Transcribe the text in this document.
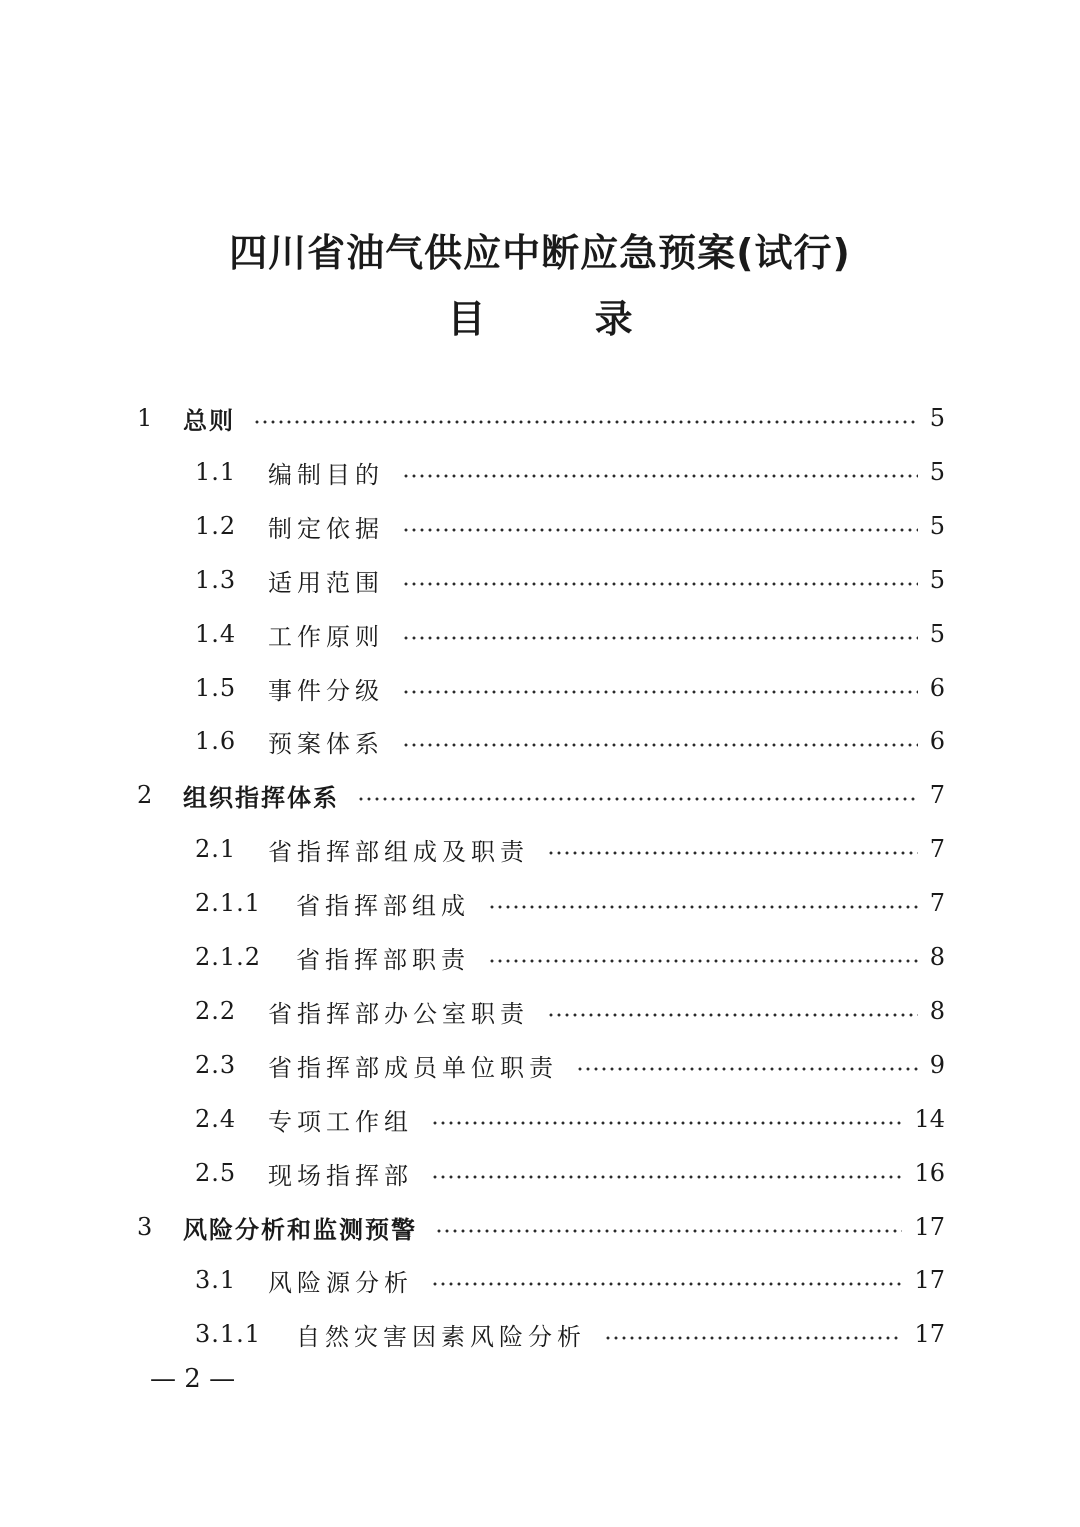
四川省油气供应中断应急预案(试行)
目 录
1	总则	5
1.1	编制目的	5
1.2	制定依据	5
1.3	适用范围	5
1.4	工作原则	5
1.5	事件分级	6
1.6	预案体系	6
2	组织指挥体系	7
2.1	省指挥部组成及职责	7
2.1.1	省指挥部组成	7
2.1.2	省指挥部职责	8
2.2	省指挥部办公室职责	8
2.3	省指挥部成员单位职责	9
2.4	专项工作组	14
2.5	现场指挥部	16
3	风险分析和监测预警	17
3.1	风险源分析	17
3.1.1	自然灾害因素风险分析	17
— 2 —
